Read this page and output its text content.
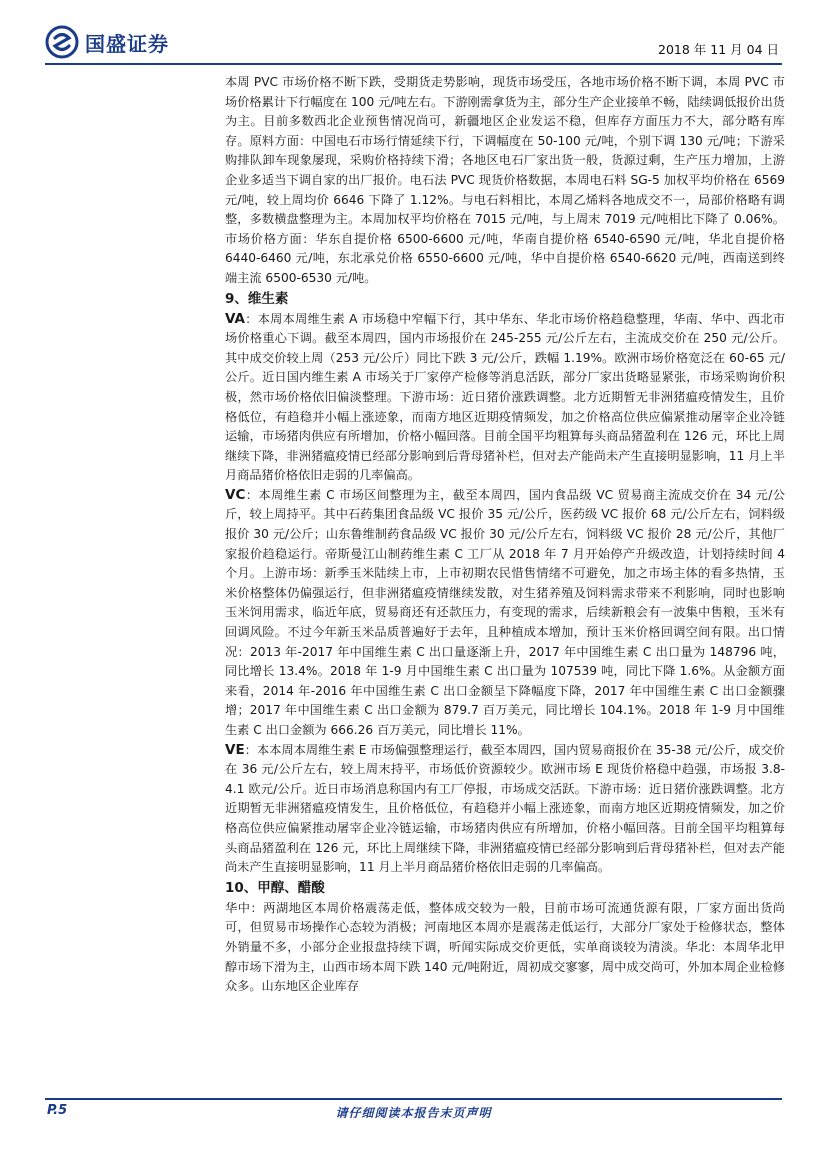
国盛证券	2018 年 11 月 04 日

本周 PVC 市场价格不断下跌，受期货走势影响，现货市场受压，各地市场价格不断下调，本周 PVC 市场价格累计下行幅度在 100 元/吨左右。下游刚需拿货为主，部分生产企业接单不畅，陆续调低报价出货为主。目前多数西北企业预售情况尚可，新疆地区企业发运不稳，但库存方面压力不大，部分略有库存。原料方面：中国电石市场行情延续下行，下调幅度在 50-100 元/吨，个别下调 130 元/吨；下游采购排队卸车现象屡现，采购价格持续下滑；各地区电石厂家出货一般，货源过剩，生产压力增加，上游企业多适当下调自家的出厂报价。电石法 PVC 现货价格数据，本周电石料 SG-5 加权平均价格在 6569 元/吨，较上周均价 6646 下降了 1.12%。与电石料相比，本周乙烯料各地成交不一，局部价格略有调整，多数横盘整理为主。本周加权平均价格在 7015 元/吨，与上周末 7019 元/吨相比下降了 0.06%。市场价格方面：华东自提价格 6500-6600 元/吨，华南自提价格 6540-6590 元/吨，华北自提价格 6440-6460 元/吨，东北承兑价格 6550-6600 元/吨，华中自提价格 6540-6620 元/吨，西南送到终端主流 6500-6530 元/吨。

9、维生素

VA：本周本周维生素 A 市场稳中窄幅下行，其中华东、华北市场价格趋稳整理，华南、华中、西北市场价格重心下调。截至本周四，国内市场报价在 245-255 元/公斤左右，主流成交价在 250 元/公斤。其中成交价较上周（253 元/公斤）同比下跌 3 元/公斤，跌幅 1.19%。欧洲市场价格宽泛在 60-65 元/公斤。近日国内维生素 A 市场关于厂家停产检修等消息活跃，部分厂家出货略显紧张，市场采购询价积极，然市场价格依旧偏淡整理。下游市场：近日猪价涨跌调整。北方近期暂无非洲猪瘟疫情发生，且价格低位，有趋稳并小幅上涨迹象，而南方地区近期疫情频发，加之价格高位供应偏紧推动屠宰企业冷链运输，市场猪肉供应有所增加，价格小幅回落。目前全国平均粗算每头商品猪盈利在 126 元，环比上周继续下降，非洲猪瘟疫情已经部分影响到后背母猪补栏，但对去产能尚未产生直接明显影响，11 月上半月商品猪价格依旧走弱的几率偏高。

VC：本周维生素 C 市场区间整理为主，截至本周四，国内食品级 VC 贸易商主流成交价在 34 元/公斤，较上周持平。其中石药集团食品级 VC 报价 35 元/公斤，医药级 VC 报价 68 元/公斤左右，饲料级报价 30 元/公斤；山东鲁维制药食品级 VC 报价 30 元/公斤左右，饲料级 VC 报价 28 元/公斤，其他厂家报价趋稳运行。帝斯曼江山制药维生素 C 工厂从 2018 年 7 月开始停产升级改造，计划持续时间 4 个月。上游市场：新季玉米陆续上市，上市初期农民惜售情绪不可避免，加之市场主体的看多热情，玉米价格整体仍偏强运行，但非洲猪瘟疫情继续发散，对生猪养殖及饲料需求带来不利影响，同时也影响玉米饲用需求，临近年底，贸易商还有还款压力，有变现的需求，后续新粮会有一波集中售粮，玉米有回调风险。不过今年新玉米品质普遍好于去年，且种植成本增加，预计玉米价格回调空间有限。出口情况：2013 年-2017 年中国维生素 C 出口量逐渐上升，2017 年中国维生素 C 出口量为 148796 吨，同比增长 13.4%。2018 年 1-9 月中国维生素 C 出口量为 107539 吨，同比下降 1.6%。从金额方面来看，2014 年-2016 年中国维生素 C 出口金额呈下降幅度下降，2017 年中国维生素 C 出口金额骤增；2017 年中国维生素 C 出口金额为 879.7 百万美元，同比增长 104.1%。2018 年 1-9 月中国维生素 C 出口金额为 666.26 百万美元，同比增长 11%。

VE：本本周本周维生素 E 市场偏强整理运行，截至本周四，国内贸易商报价在 35-38 元/公斤，成交价在 36 元/公斤左右，较上周末持平，市场低价资源较少。欧洲市场 E 现货价格稳中趋强，市场报 3.8-4.1 欧元/公斤。近日市场消息称国内有工厂停报，市场成交活跃。下游市场：近日猪价涨跌调整。北方近期暂无非洲猪瘟疫情发生，且价格低位，有趋稳并小幅上涨迹象，而南方地区近期疫情频发，加之价格高位供应偏紧推动屠宰企业冷链运输，市场猪肉供应有所增加，价格小幅回落。目前全国平均粗算每头商品猪盈利在 126 元，环比上周继续下降，非洲猪瘟疫情已经部分影响到后背母猪补栏，但对去产能尚未产生直接明显影响，11 月上半月商品猪价格依旧走弱的几率偏高。

10、甲醇、醋酸

华中：两湖地区本周价格震荡走低，整体成交较为一般，目前市场可流通货源有限，厂家方面出货尚可，但贸易市场操作心态较为消极；河南地区本周亦是震荡走低运行，大部分厂家处于检修状态，整体外销量不多，小部分企业报盘持续下调，听闻实际成交价更低，实单商谈较为清淡。华北：本周华北甲醇市场下滑为主，山西市场本周下跌 140 元/吨附近，周初成交寥寥，周中成交尚可，外加本周企业检修众多。山东地区企业库存

P.5	请仔细阅读本报告末页声明
